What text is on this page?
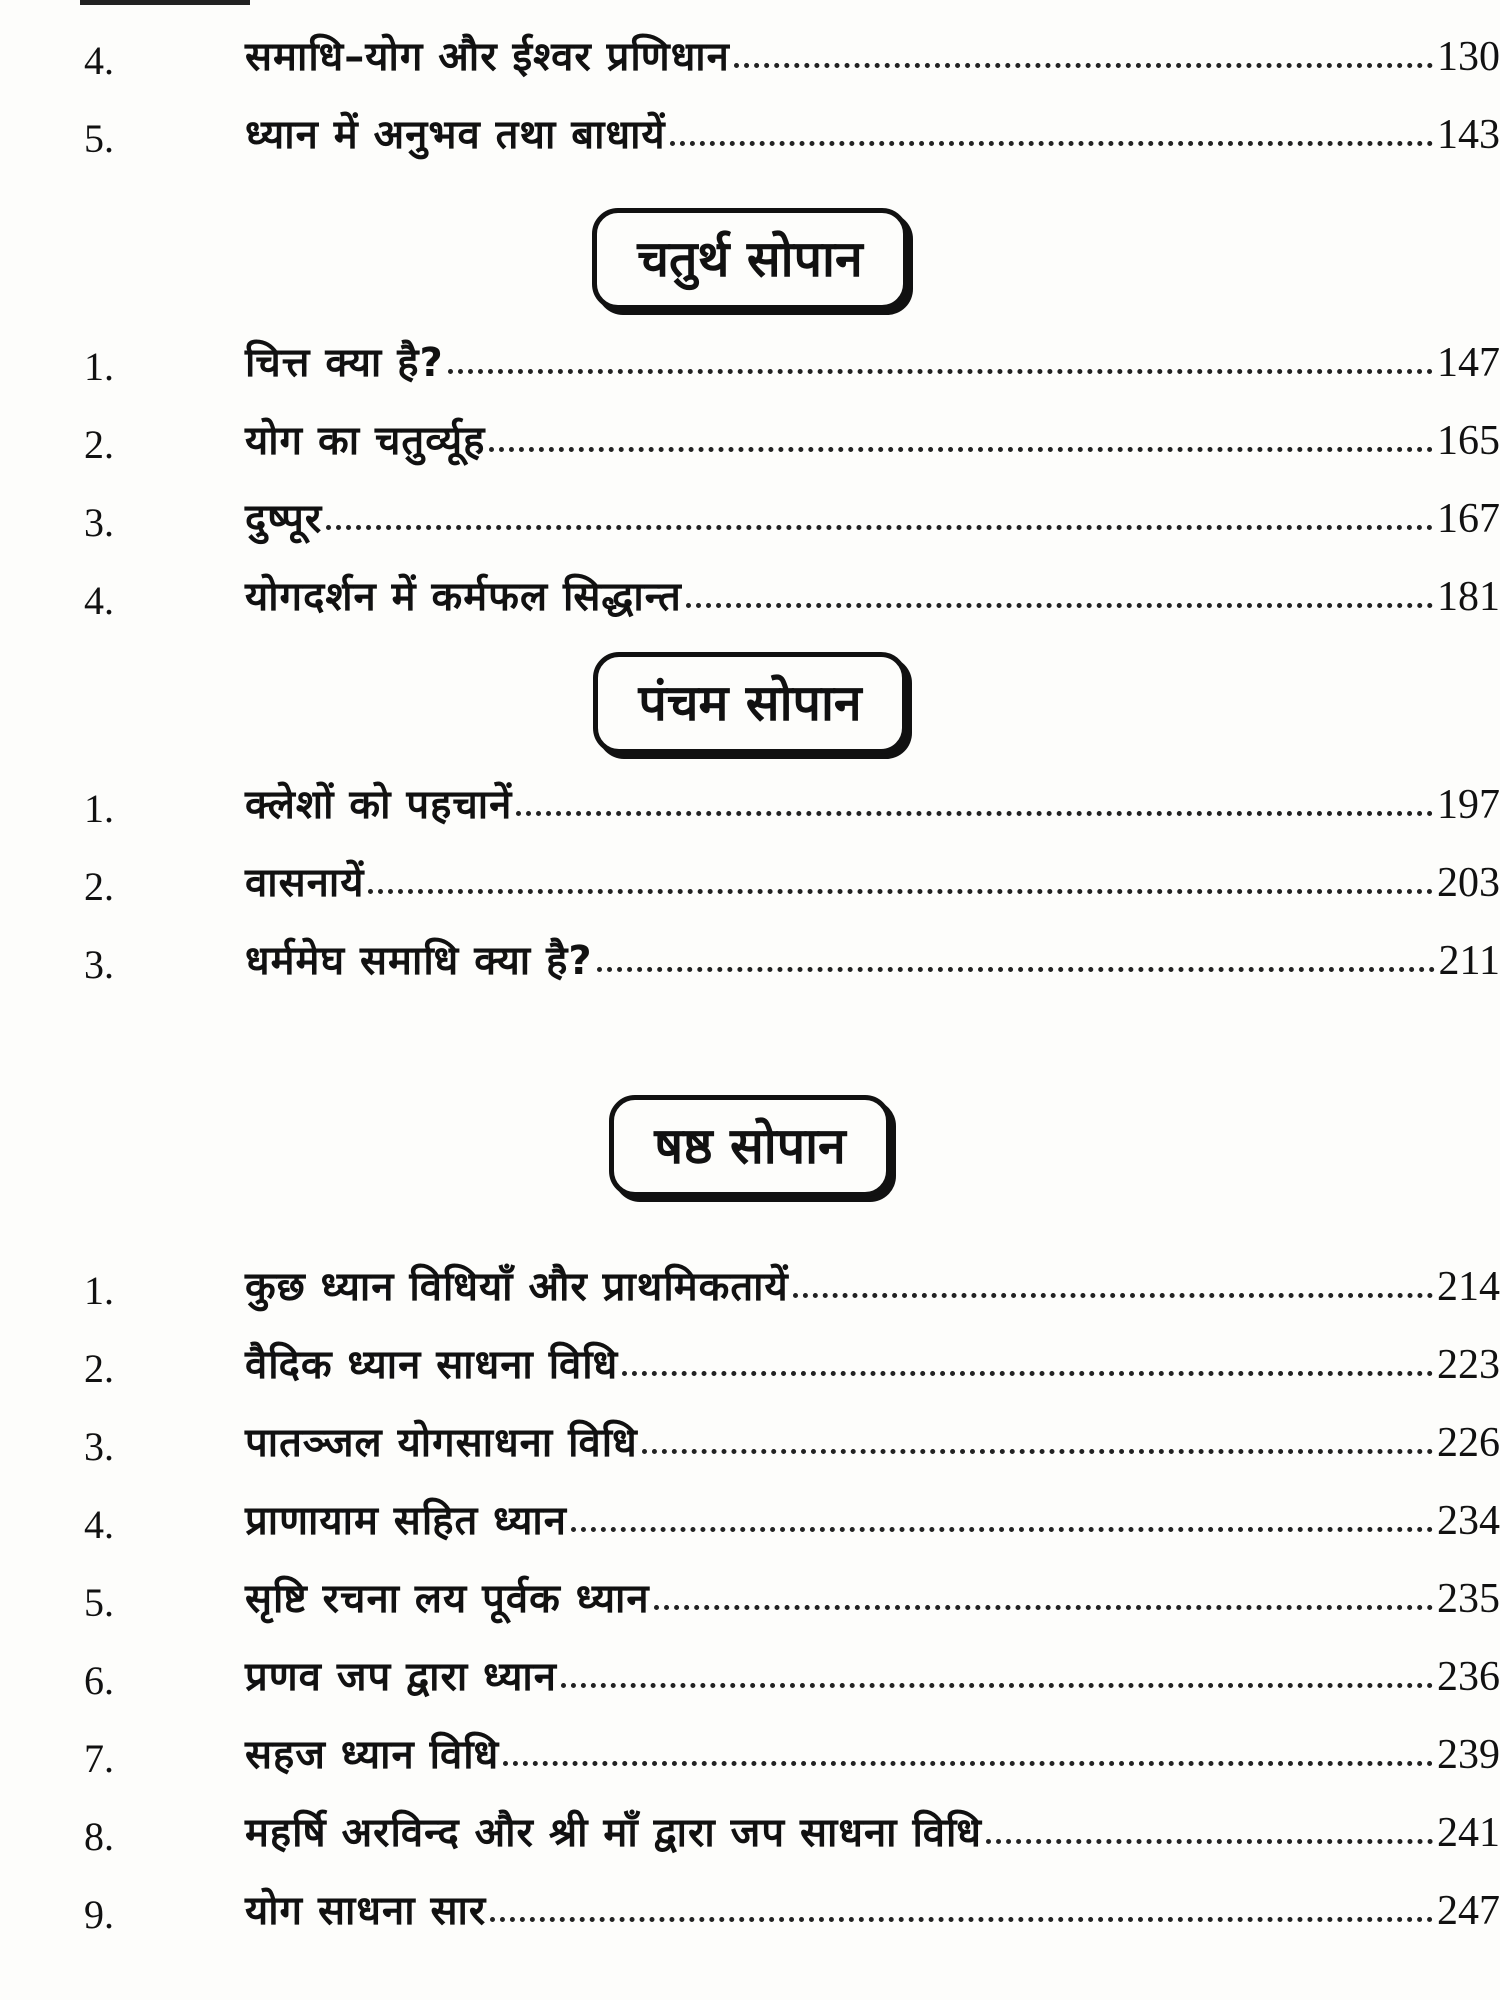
4.	समाधि–योग और ईश्वर प्रणिधान	130
5.	ध्यान में अनुभव तथा बाधायें	143
चतुर्थ सोपान
1.	चित्त क्या है?	147
2.	योग का चतुर्व्यूह	165
3.	दुष्पूर	167
4.	योगदर्शन में कर्मफल सिद्धान्त	181
पंचम सोपान
1.	क्लेशों को पहचानें	197
2.	वासनायें	203
3.	धर्ममेघ समाधि क्या है?	211
षष्ठ सोपान
1.	कुछ ध्यान विधियाँ और प्राथमिकतायें	214
2.	वैदिक ध्यान साधना विधि	223
3.	पातञ्जल योगसाधना विधि	226
4.	प्राणायाम सहित ध्यान	234
5.	सृष्टि रचना लय पूर्वक ध्यान	235
6.	प्रणव जप द्वारा ध्यान	236
7.	सहज ध्यान विधि	239
8.	महर्षि अरविन्द और श्री माँ द्वारा जप साधना विधि	241
9.	योग साधना सार	247
